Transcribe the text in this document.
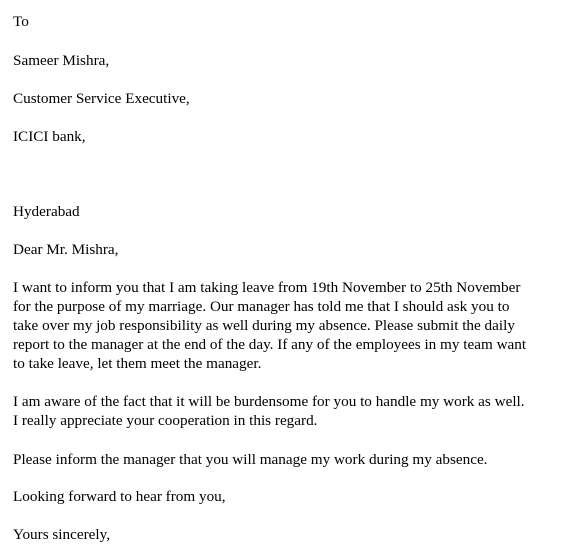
To
Sameer Mishra,
Customer Service Executive,
ICICI bank,
Hyderabad
Dear Mr. Mishra,
I want to inform you that I am taking leave from 19th November to 25th November
for the purpose of my marriage. Our manager has told me that I should ask you to
take over my job responsibility as well during my absence. Please submit the daily
report to the manager at the end of the day. If any of the employees in my team want
to take leave, let them meet the manager.
I am aware of the fact that it will be burdensome for you to handle my work as well.
I really appreciate your cooperation in this regard.
Please inform the manager that you will manage my work during my absence.
Looking forward to hear from you,
Yours sincerely,
